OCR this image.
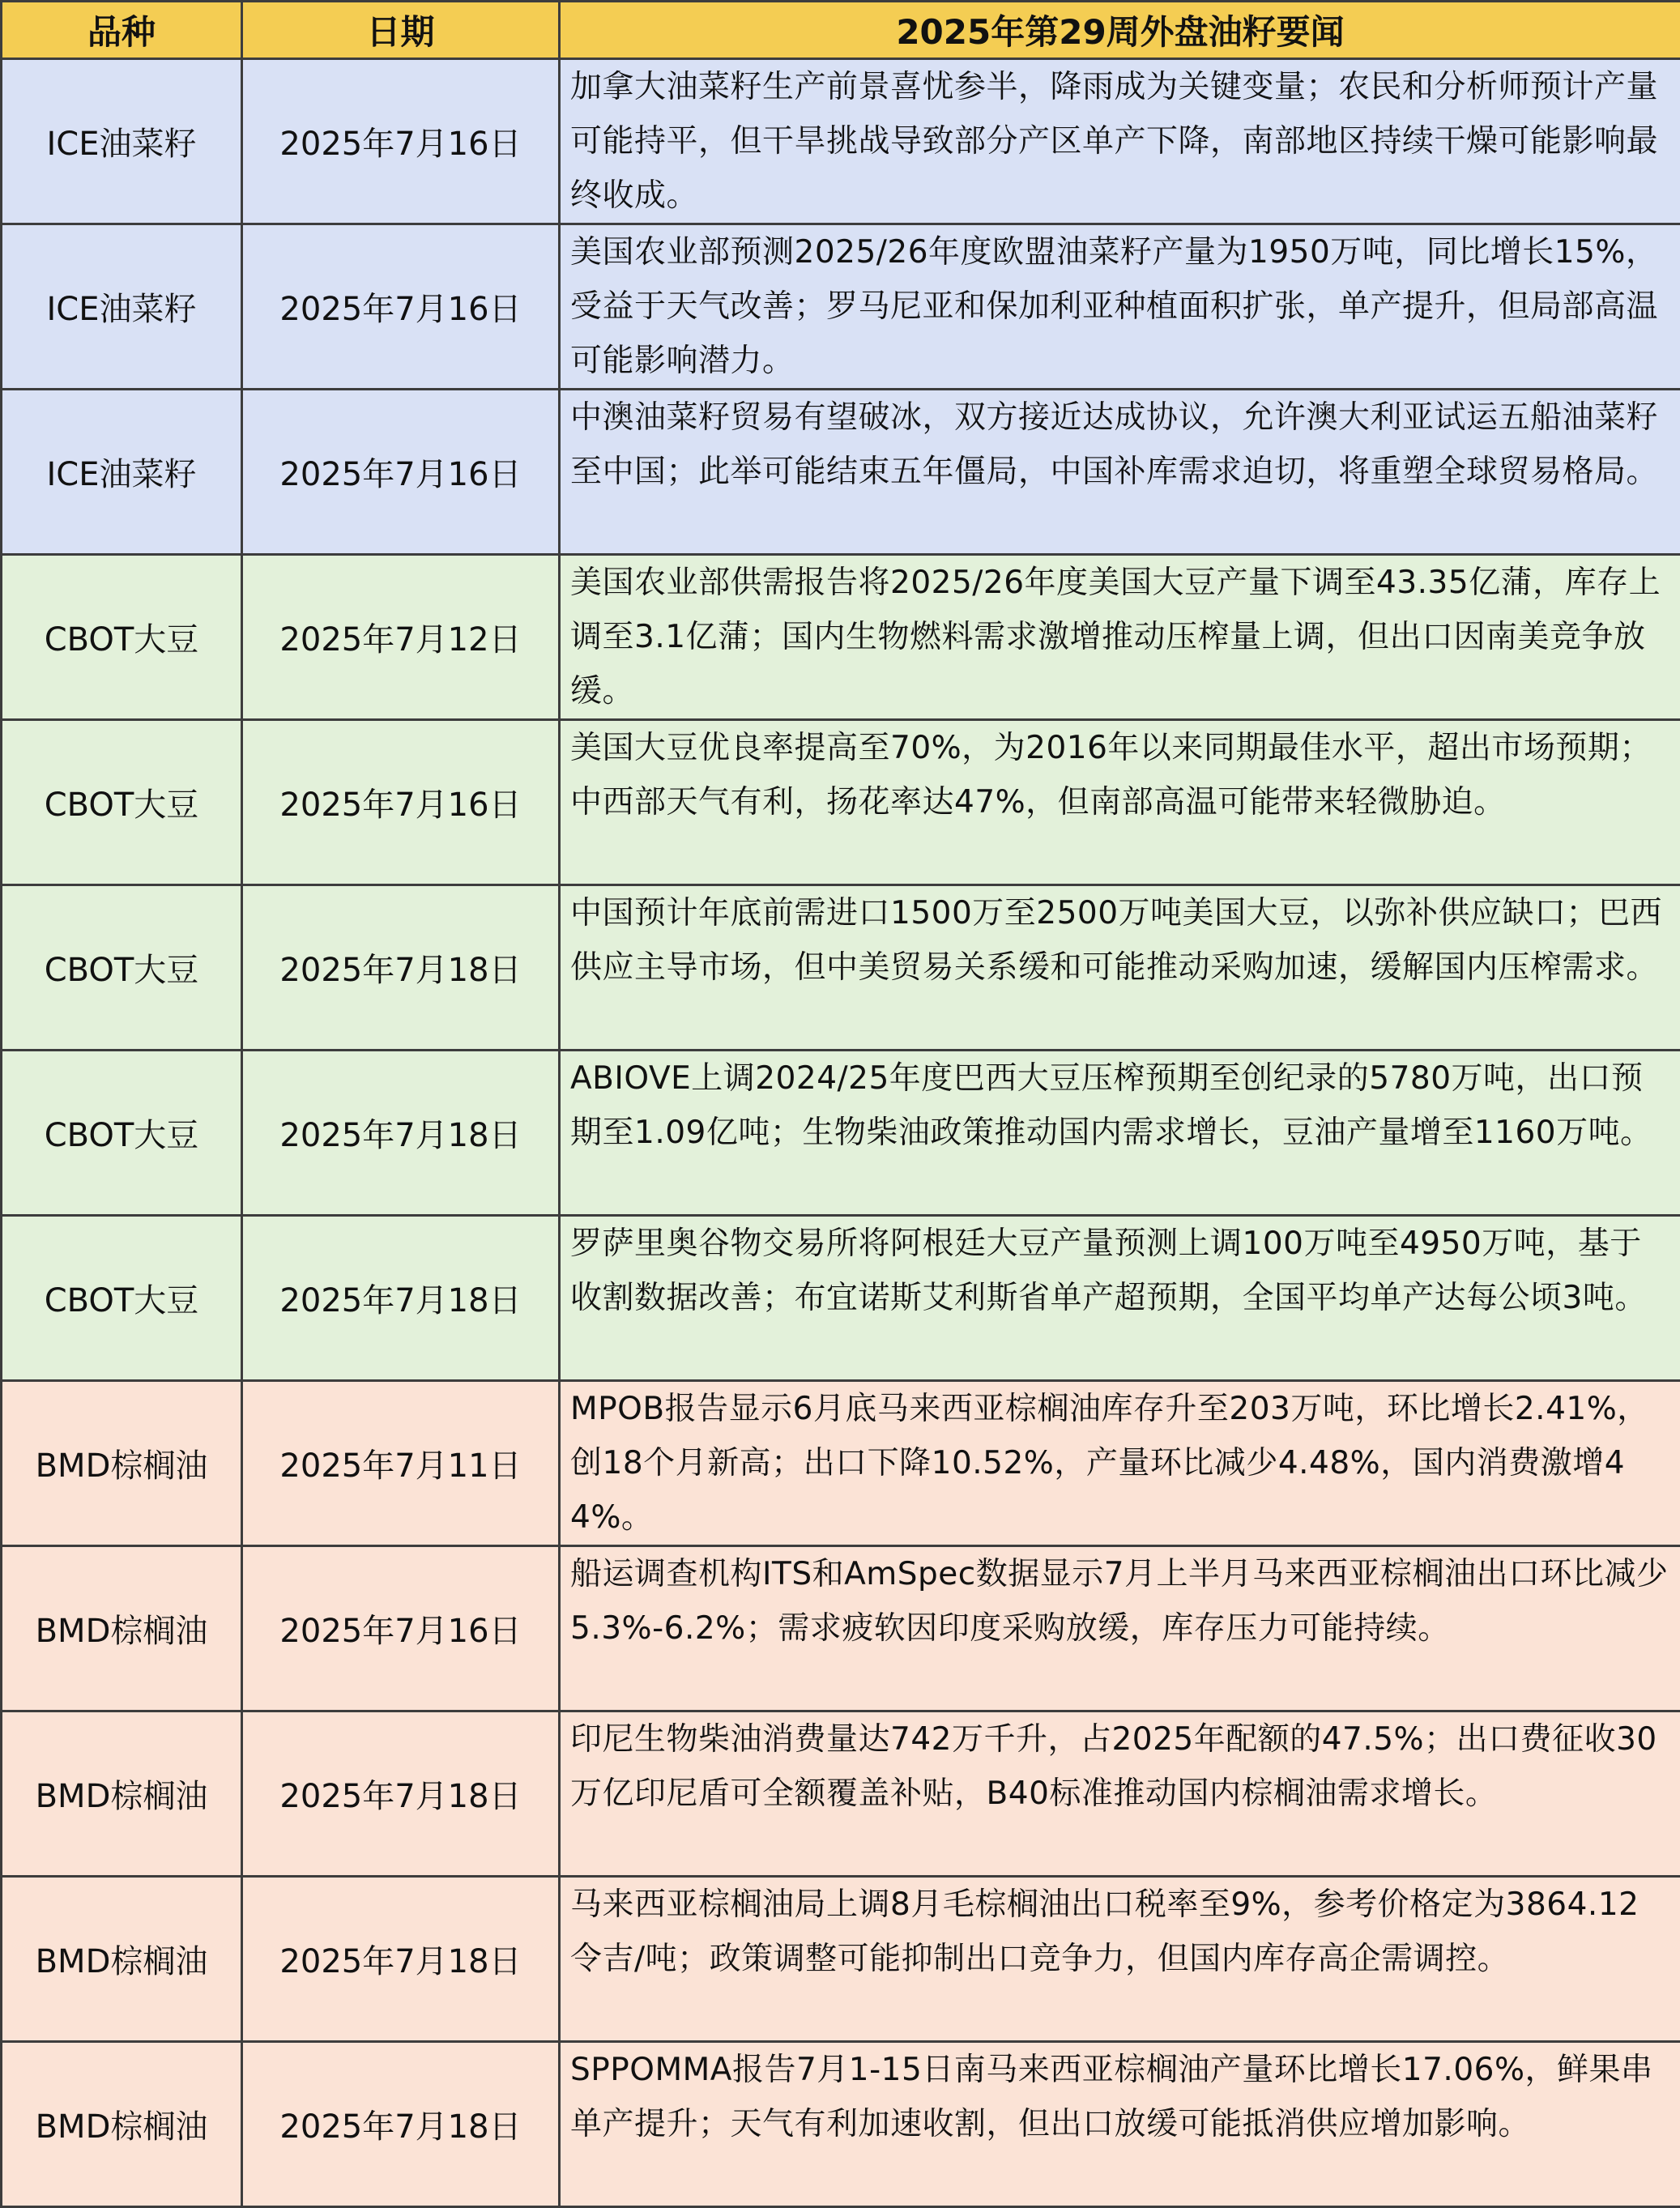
品种	日期	2025年第29周外盘油籽要闻
ICE油菜籽	2025年7月16日	加拿大油菜籽生产前景喜忧参半，降雨成为关键变量；农民和分析师预计产量可能持平，但干旱挑战导致部分产区单产下降，南部地区持续干燥可能影响最终收成。
ICE油菜籽	2025年7月16日	美国农业部预测2025/26年度欧盟油菜籽产量为1950万吨，同比增长15%，受益于天气改善；罗马尼亚和保加利亚种植面积扩张，单产提升，但局部高温可能影响潜力。
ICE油菜籽	2025年7月16日	中澳油菜籽贸易有望破冰，双方接近达成协议，允许澳大利亚试运五船油菜籽至中国；此举可能结束五年僵局，中国补库需求迫切，将重塑全球贸易格局。
CBOT大豆	2025年7月12日	美国农业部供需报告将2025/26年度美国大豆产量下调至43.35亿蒲，库存上调至3.1亿蒲；国内生物燃料需求激增推动压榨量上调，但出口因南美竞争放缓。
CBOT大豆	2025年7月16日	美国大豆优良率提高至70%，为2016年以来同期最佳水平，超出市场预期；中西部天气有利，扬花率达47%，但南部高温可能带来轻微胁迫。
CBOT大豆	2025年7月18日	中国预计年底前需进口1500万至2500万吨美国大豆，以弥补供应缺口；巴西供应主导市场，但中美贸易关系缓和可能推动采购加速，缓解国内压榨需求。
CBOT大豆	2025年7月18日	ABIOVE上调2024/25年度巴西大豆压榨预期至创纪录的5780万吨，出口预期至1.09亿吨；生物柴油政策推动国内需求增长，豆油产量增至1160万吨。
CBOT大豆	2025年7月18日	罗萨里奥谷物交易所将阿根廷大豆产量预测上调100万吨至4950万吨，基于收割数据改善；布宜诺斯艾利斯省单产超预期，全国平均单产达每公顷3吨。
BMD棕榈油	2025年7月11日	MPOB报告显示6月底马来西亚棕榈油库存升至203万吨，环比增长2.41%，创18个月新高；出口下降10.52%，产量环比减少4.48%，国内消费激增44%。
BMD棕榈油	2025年7月16日	船运调查机构ITS和AmSpec数据显示7月上半月马来西亚棕榈油出口环比减少5.3%-6.2%；需求疲软因印度采购放缓，库存压力可能持续。
BMD棕榈油	2025年7月18日	印尼生物柴油消费量达742万千升，占2025年配额的47.5%；出口费征收30万亿印尼盾可全额覆盖补贴，B40标准推动国内棕榈油需求增长。
BMD棕榈油	2025年7月18日	马来西亚棕榈油局上调8月毛棕榈油出口税率至9%，参考价格定为3864.12令吉/吨；政策调整可能抑制出口竞争力，但国内库存高企需调控。
BMD棕榈油	2025年7月18日	SPPOMMA报告7月1-15日南马来西亚棕榈油产量环比增长17.06%，鲜果串单产提升；天气有利加速收割，但出口放缓可能抵消供应增加影响。
